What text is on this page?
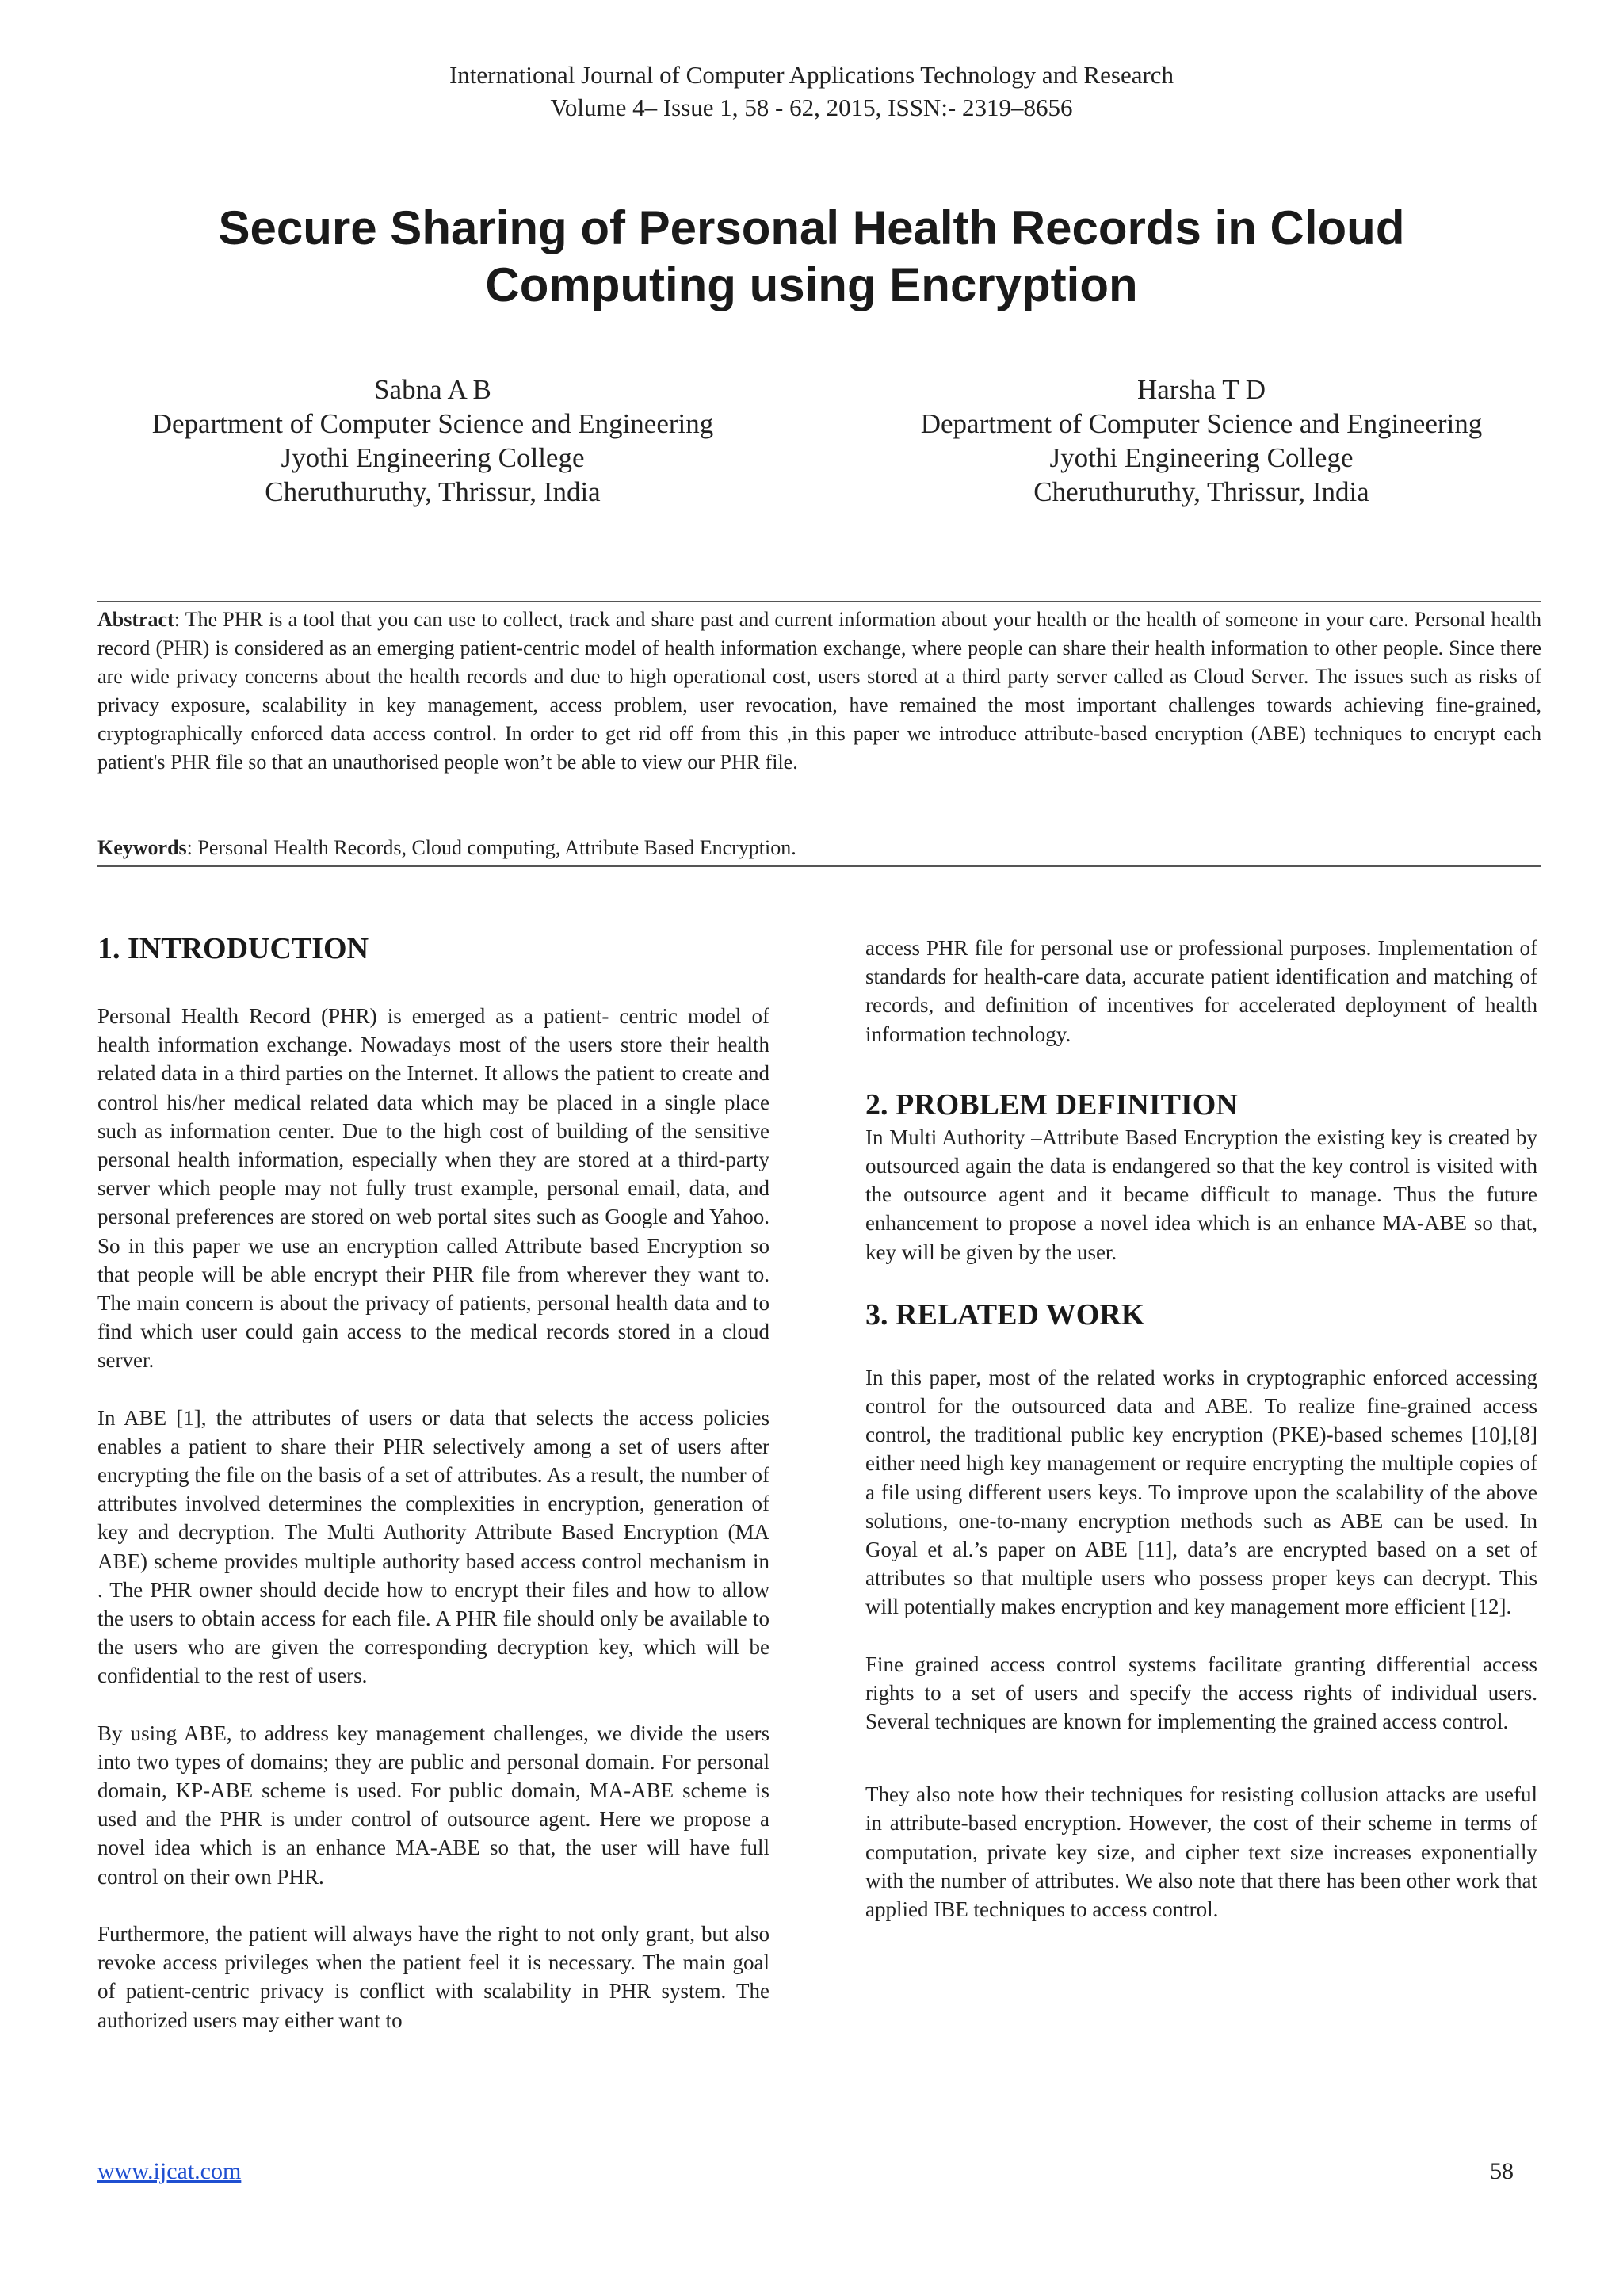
International Journal of Computer Applications Technology and Research
Volume 4– Issue 1, 58 - 62, 2015, ISSN:- 2319–8656
Secure Sharing of Personal Health Records in Cloud
Computing using Encryption
Sabna A B
Department of Computer Science and Engineering
Jyothi Engineering College
Cheruthuruthy, Thrissur, India
Harsha T D
Department of Computer Science and Engineering
Jyothi Engineering College
Cheruthuruthy, Thrissur, India
Abstract: The PHR is a tool that you can use to collect, track and share past and current information about your health or the health of someone in your care. Personal health record (PHR) is considered as an emerging patient-centric model of health information exchange, where people can share their health information to other people. Since there are wide privacy concerns about the health records and due to high operational cost, users stored at a third party server called as Cloud Server. The issues such as risks of privacy exposure, scalability in key management, access problem, user revocation, have remained the most important challenges towards achieving fine-grained, cryptographically enforced data access control. In order to get rid off from this ,in this paper we introduce attribute-based encryption (ABE) techniques to encrypt each patient's PHR file so that an unauthorised people won’t be able to view our PHR file.
Keywords: Personal Health Records, Cloud computing, Attribute Based Encryption.
1. INTRODUCTION

Personal Health Record (PHR) is emerged as a patient- centric model of health information exchange. Nowadays most of the users store their health related data in a third parties on the Internet. It allows the patient to create and control his/her medical related data which may be placed in a single place such as information center. Due to the high cost of building of the sensitive personal health information, especially when they are stored at a third-party server which people may not fully trust example, personal email, data, and personal preferences are stored on web portal sites such as Google and Yahoo. So in this paper we use an encryption called Attribute based Encryption so that people will be able encrypt their PHR file from wherever they want to. The main concern is about the privacy of patients, personal health data and to find which user could gain access to the medical records stored in a cloud server.

In ABE [1], the attributes of users or data that selects the access policies enables a patient to share their PHR selectively among a set of users after encrypting the file on the basis of a set of attributes. As a result, the number of attributes involved determines the complexities in encryption, generation of key and decryption. The Multi Authority Attribute Based Encryption (MA ABE) scheme provides multiple authority based access control mechanism in . The PHR owner should decide how to encrypt their files and how to allow the users to obtain access for each file. A PHR file should only be available to the users who are given the corresponding decryption key, which will be confidential to the rest of users.

By using ABE, to address key management challenges, we divide the users into two types of domains; they are public and personal domain. For personal domain, KP-ABE scheme is used. For public domain, MA-ABE scheme is used and the PHR is under control of outsource agent. Here we propose a novel idea which is an enhance MA-ABE so that, the user will have full control on their own PHR.

Furthermore, the patient will always have the right to not only grant, but also revoke access privileges when the patient feel it is necessary. The main goal of patient-centric privacy is conflict with scalability in PHR system. The authorized users may either want to

access PHR file for personal use or professional purposes. Implementation of standards for health-care data, accurate patient identification and matching of records, and definition of incentives for accelerated deployment of health information technology.

2. PROBLEM DEFINITION

In Multi Authority –Attribute Based Encryption the existing key is created by outsourced again the data is endangered so that the key control is visited with the outsource agent and it became difficult to manage. Thus the future enhancement to propose a novel idea which is an enhance MA-ABE so that, key will be given by the user.

3. RELATED WORK

In this paper, most of the related works in cryptographic enforced accessing control for the outsourced data and ABE. To realize fine-grained access control, the traditional public key encryption (PKE)-based schemes [10],[8] either need high key management or require encrypting the multiple copies of a file using different users keys. To improve upon the scalability of the above solutions, one-to-many encryption methods such as ABE can be used. In Goyal et al.’s paper on ABE [11], data’s are encrypted based on a set of attributes so that multiple users who possess proper keys can decrypt. This will potentially makes encryption and key management more efficient [12].

Fine grained access control systems facilitate granting differential access rights to a set of users and specify the access rights of individual users. Several techniques are known for implementing the grained access control.

They also note how their techniques for resisting collusion attacks are useful in attribute-based encryption. However, the cost of their scheme in terms of computation, private key size, and cipher text size increases exponentially with the number of attributes. We also note that there has been other work that applied IBE techniques to access control.

www.ijcat.com	58
